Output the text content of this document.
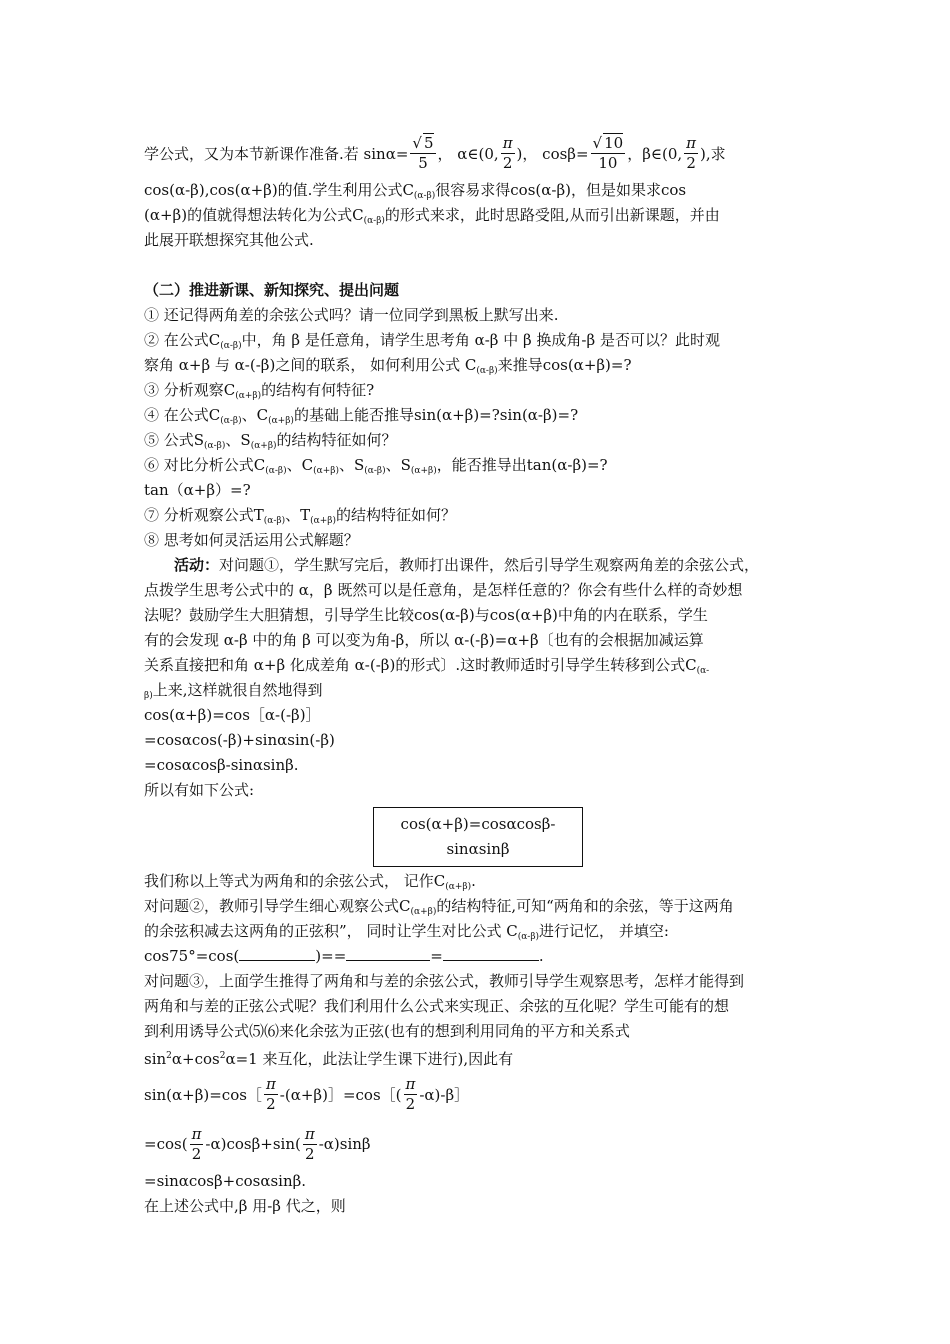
学公式，又为本节新课作准备.若 $\sin\alpha= \frac{√ 5}{5}$ ， α∈(0, $\frac{\pi}{2}$ )， $\cos\beta= \frac{√ 10}{10}$ ，β∈(0, $\frac{\pi}{2}$ ),求
cos(α-β),cos(α+β)的值.学生利用公式$C_{(\alpha-\beta)}$很容易求得cos(α-β)，但是如果求cos
(α+β)的值就得想法转化为公式$C_{(\alpha-\beta)}$的形式来求，此时思路受阻,从而引出新课题，并由
此展开联想探究其他公式.
（二）推进新课、新知探究、提出问题
① 还记得两角差的余弦公式吗？请一位同学到黑板上默写出来.
② 在公式$C_{(\alpha-\beta)}$中，角 β 是任意角，请学生思考角 α-β 中 β 换成角-β 是否可以？此时观
察角 α+β 与 α-(-β)之间的联系， 如何利用公式 $C_{(\alpha-\beta)}$来推导cos(α+β)=?
③ 分析观察$C_{(\alpha+\beta)}$的结构有何特征?
④ 在公式$C_{(\alpha-\beta)}$、$C_{(\alpha+\beta)}$的基础上能否推导sin(α+β)=?sin(α-β)=?
⑤ 公式$S_{(\alpha-\beta)}$、$S_{(\alpha+\beta)}$的结构特征如何？
⑥ 对比分析公式$C_{(\alpha-\beta)}$、$C_{(\alpha+\beta)}$、$S_{(\alpha-\beta)}$、$S_{(\alpha+\beta)}$，能否推导出tan(α-β)=?
tan（α+β）=?
⑦ 分析观察公式$T_{(\alpha-\beta)}$、$T_{(\alpha+\beta)}$的结构特征如何？
⑧ 思考如何灵活运用公式解题？
活动：对问题①，学生默写完后，教师打出课件，然后引导学生观察两角差的余弦公式，
点拨学生思考公式中的 α，β 既然可以是任意角，是怎样任意的？你会有些什么样的奇妙想
法呢？鼓励学生大胆猜想，引导学生比较cos(α-β)与cos(α+β)中角的内在联系，学生
有的会发现 α-β 中的角 β 可以变为角-β，所以 α-(-β)=α+β〔也有的会根据加减运算
关系直接把和角 α+β 化成差角 α-(-β)的形式〕.这时教师适时引导学生转移到公式$C_{(\alpha-}$
$_{\beta)}$上来,这样就很自然地得到
cos(α+β)=cos［α-(-β)］
=cosαcos(-β)+sinαsin(-β)
=cosαcosβ-sinαsinβ.
所以有如下公式:
cos(α+β)=cosαcosβ-
sinαsinβ
我们称以上等式为两角和的余弦公式， 记作$C_{(\alpha+\beta)}$.
对问题②，教师引导学生细心观察公式$C_{(\alpha+\beta)}$的结构特征,可知“两角和的余弦，等于这两角
的余弦积减去这两角的正弦积”， 同时让学生对比公式 $C_{(\alpha-\beta)}$进行记忆， 并填空:
cos75°=cos(	)==	=	.
对问题③，上面学生推得了两角和与差的余弦公式，教师引导学生观察思考，怎样才能得到
两角和与差的正弦公式呢？我们利用什么公式来实现正、余弦的互化呢？学生可能有的想
到利用诱导公式⑸⑹来化余弦为正弦(也有的想到利用同角的平方和关系式
$\sin^2\alpha+\cos^2\alpha=1$ 来互化，此法让学生课下进行),因此有
sin(α+β)=cos［ $\frac{\pi}{2}$ -(α+β)］=cos［( $\frac{\pi}{2}$ -α)-β］
$=\cos( \frac{\pi}{2} -\alpha)\cos\beta+\sin( \frac{\pi}{2} -\alpha)\sin\beta$
=sinαcosβ+cosαsinβ.
在上述公式中,β 用-β 代之，则
